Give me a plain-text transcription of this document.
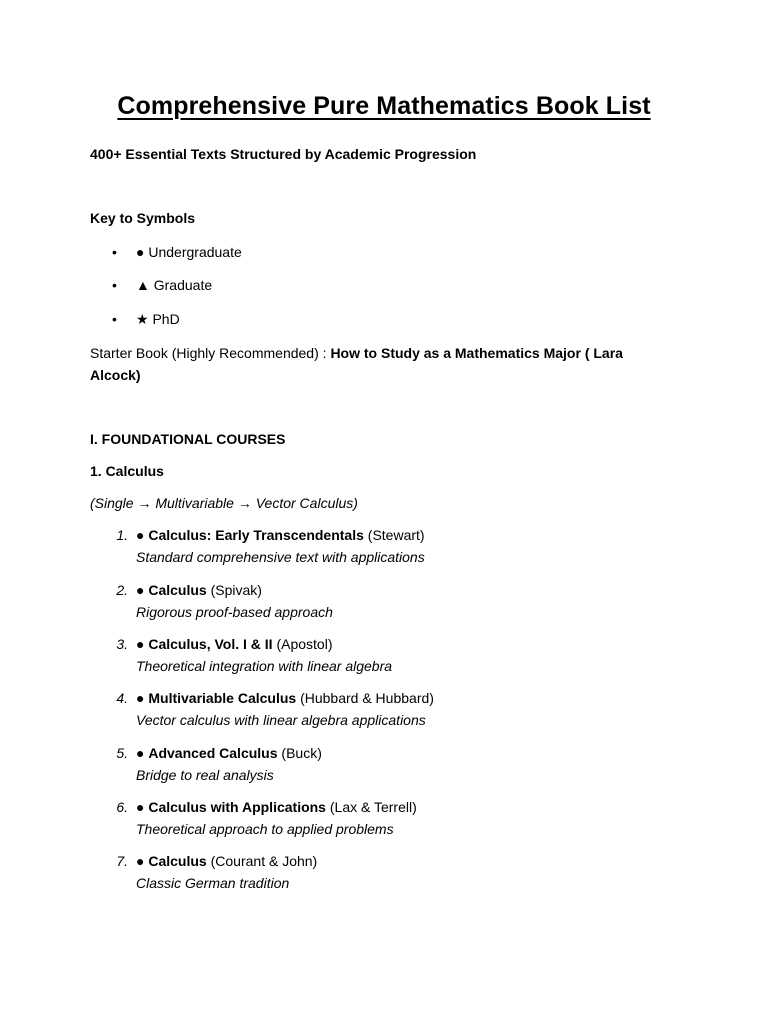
Comprehensive Pure Mathematics Book List
400+ Essential Texts Structured by Academic Progression
Key to Symbols
•	● Undergraduate
•	▲ Graduate
•	★ PhD
Starter Book (Highly Recommended) : How to Study as a Mathematics Major ( Lara Alcock)
I. FOUNDATIONAL COURSES
1. Calculus
(Single → Multivariable → Vector Calculus)
1. ● Calculus: Early Transcendentals (Stewart)
Standard comprehensive text with applications
2. ● Calculus (Spivak)
Rigorous proof-based approach
3. ● Calculus, Vol. I & II (Apostol)
Theoretical integration with linear algebra
4. ● Multivariable Calculus (Hubbard & Hubbard)
Vector calculus with linear algebra applications
5. ● Advanced Calculus (Buck)
Bridge to real analysis
6. ● Calculus with Applications (Lax & Terrell)
Theoretical approach to applied problems
7. ● Calculus (Courant & John)
Classic German tradition
